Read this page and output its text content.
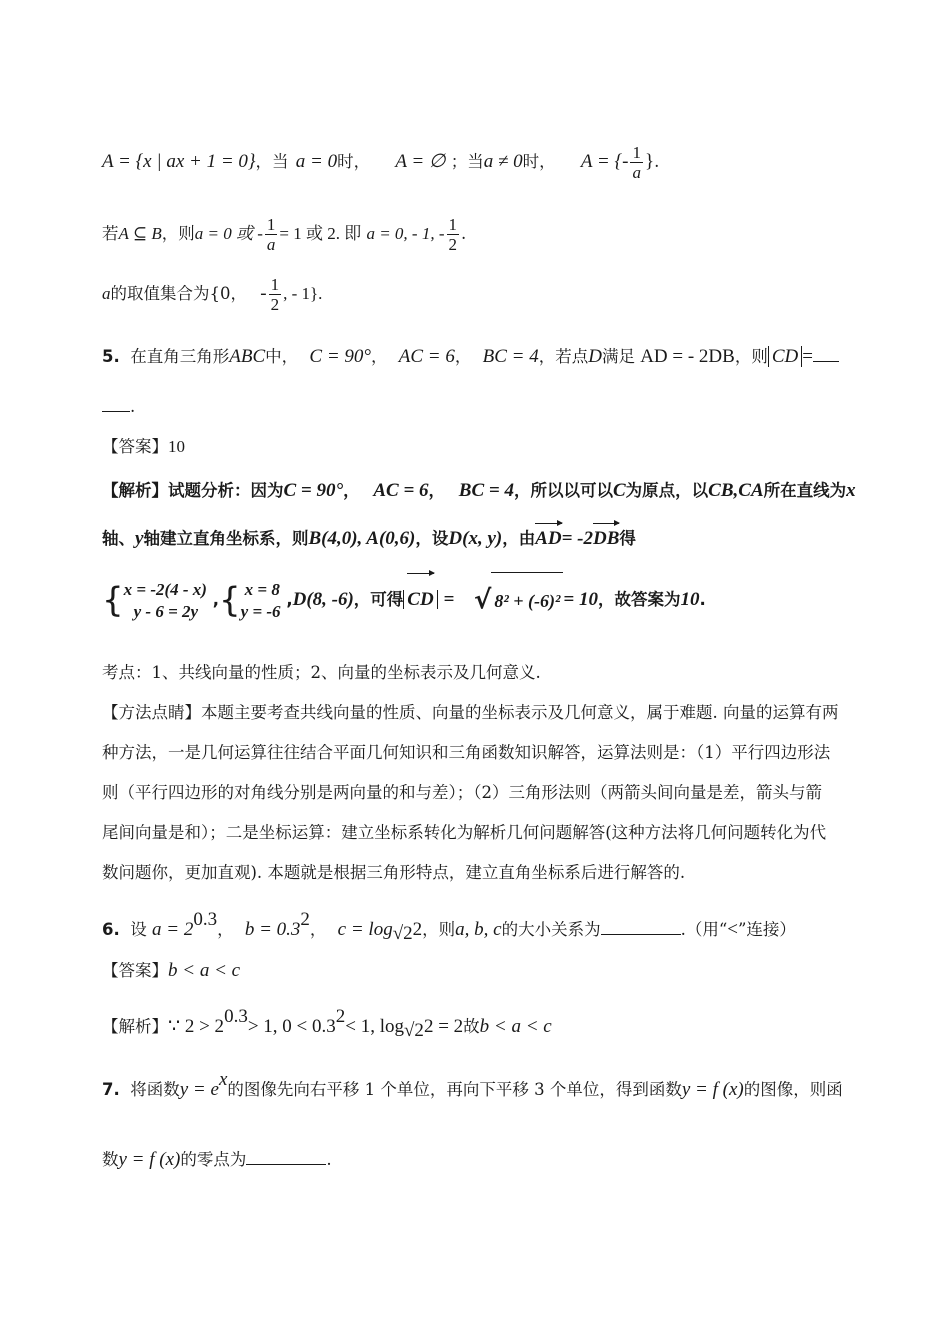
A = {x | ax + 1 = 0}，当 a = 0时， A = ∅ ；当a ≠ 0时， A = {- $\frac{1}{a}$ }.
若A ⊆ B，则a = 0 或 - $\frac{1}{a} = 1$ 或 2. 即 a = 0, - 1, - $\frac{1}{2}$ .
a的取值集合为{0， - $\frac{1}{2}$ , - 1}.
5. 在直角三角形ABC中， C = 90°， AC = 6， BC = 4，若点D满足 AD = - 2DB，则 CD =
.
【答案】10
【解析】试题分析：因为C = 90°， AC = 6， BC = 4，所以以可以C为原点，以CB,CA所在直线为x
轴、y轴建立直角坐标系，则B(4,0), A(0,6)，设D(x, y)，由AD= -2DB得
{ x = -2(4 - x)
y - 6 = 2y
,{ x = 8
y = -6
,D(8, -6)，可得 CD = √ 8² + (-6)² = 10，故答案为10.
考点：1、共线向量的性质；2、向量的坐标表示及几何意义.
【方法点睛】本题主要考查共线向量的性质、向量的坐标表示及几何意义，属于难题. 向量的运算有两
种方法，一是几何运算往往结合平面几何知识和三角函数知识解答，运算法则是：（1）平行四边形法
则（平行四边形的对角线分别是两向量的和与差）；（2）三角形法则（两箭头间向量是差，箭头与箭
尾间向量是和）；二是坐标运算：建立坐标系转化为解析几何问题解答(这种方法将几何问题转化为代
数问题你，更加直观). 本题就是根据三角形特点，建立直角坐标系后进行解答的.
6. 设 $a = 2^{0.3}$， $b = 0.3^2$， $c = \log_{√2}2$，则a, b, c的大小关系为	.（用“<”连接）
【答案】b < a < c
【解析】∵ $2 > 2^{0.3}> 1$, $0 < 0.3^2< 1$, $\log_{√2}2 = 2$故b < a < c
7. 将函数$y = e^x$的图像先向右平移 1 个单位，再向下平移 3 个单位，得到函数y = f (x)的图像，则函
数y = f (x)的零点为	.
